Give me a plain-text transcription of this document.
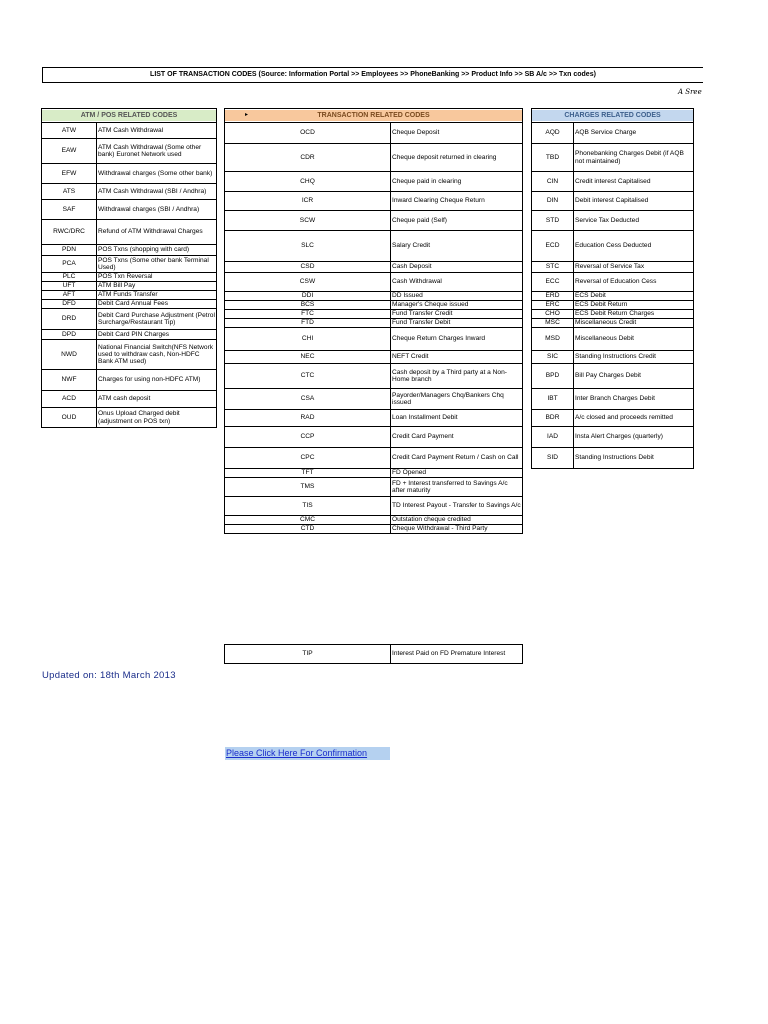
LIST OF TRANSACTION CODES (Source: Information Portal >> Employees >> PhoneBanking >> Product Info >> SB A/c >> Txn codes)
A Sree
ATM / POS RELATED CODES	

ATW	ATM Cash Withdrawal
EAW	ATM Cash Withdrawal (Some other bank) Euronet Network used
EFW	Withdrawal charges (Some other bank)
ATS	ATM Cash Withdrawal (SBI / Andhra)
SAF	Withdrawal charges (SBI / Andhra)
RWC/DRC	Refund of ATM Withdrawal Charges
PDN	POS Txns (shopping with card)
PCA	POS Txns (Some other bank Terminal Used)
PLC	POS Txn Reversal
UFT	ATM Bill Pay
AFT	ATM Funds Transfer
DFD	Debit Card Annual Fees
DRD	Debit Card Purchase Adjustment (Petrol Surcharge/Restaurant Tip)
DPD	Debit Card PIN Charges
NWD	National Financial Switch(NFS Network used to withdraw cash, Non-HDFC Bank ATM used)
NWF	Charges for using non-HDFC ATM)
ACD	ATM cash deposit
OUD	Onus Upload Charged debit (adjustment on POS txn)
▸ TRANSACTION RELATED CODES	

OCD	Cheque Deposit
CDR	Cheque deposit returned in clearing
CHQ	Cheque paid in clearing
ICR	Inward Clearing Cheque Return
SCW	Cheque paid (Self)
SLC	Salary Credit
CSD	Cash Deposit
CSW	Cash Withdrawal
DDI	DD Issued
BCS	Manager's Cheque issued
FTC	Fund Transfer Credit
FTD	Fund Transfer Debit
CHI	Cheque Return Charges Inward
NEC	NEFT Credit
CTC	Cash deposit by a Third party at a Non-Home branch
CSA	Payorder/Managers Chq/Bankers Chq issued
RAD	Loan Installment Debit
CCP	Credit Card Payment
CPC	Credit Card Payment Return / Cash on Call
TFT	FD Opened
TMS	FD + Interest transferred to Savings A/c after maturity
TIS	TD Interest Payout - Transfer to Savings A/c
CMC	Outstation cheque credited
CTD	Cheque Withdrawal - Third Party
CHARGES RELATED CODES	

AQD	AQB Service Charge
TBD	Phonebanking Charges Debit (if AQB not maintained)
CIN	Credit interest Capitalised
DIN	Debit interest Capitalised
STD	Service Tax Deducted
ECD	Education Cess Deducted
STC	Reversal of Service Tax
ECC	Reversal of Education Cess
ERD	ECS Debit
ERC	ECS Debit Return
CHO	ECS Debit Return Charges
MSC	Miscellaneous Credit
MSD	Miscellaneous Debit
SIC	Standing Instructions Credit
BPD	Bill Pay Charges Debit
IBT	Inter Branch Charges Debit
BDR	A/c closed and proceeds remitted
IAD	Insta Alert Charges (quarterly)
SID	Standing Instructions Debit
TIP	Interest Paid on FD Premature Interest
Updated on: 18th March 2013
Please Click Here For Confirmation
